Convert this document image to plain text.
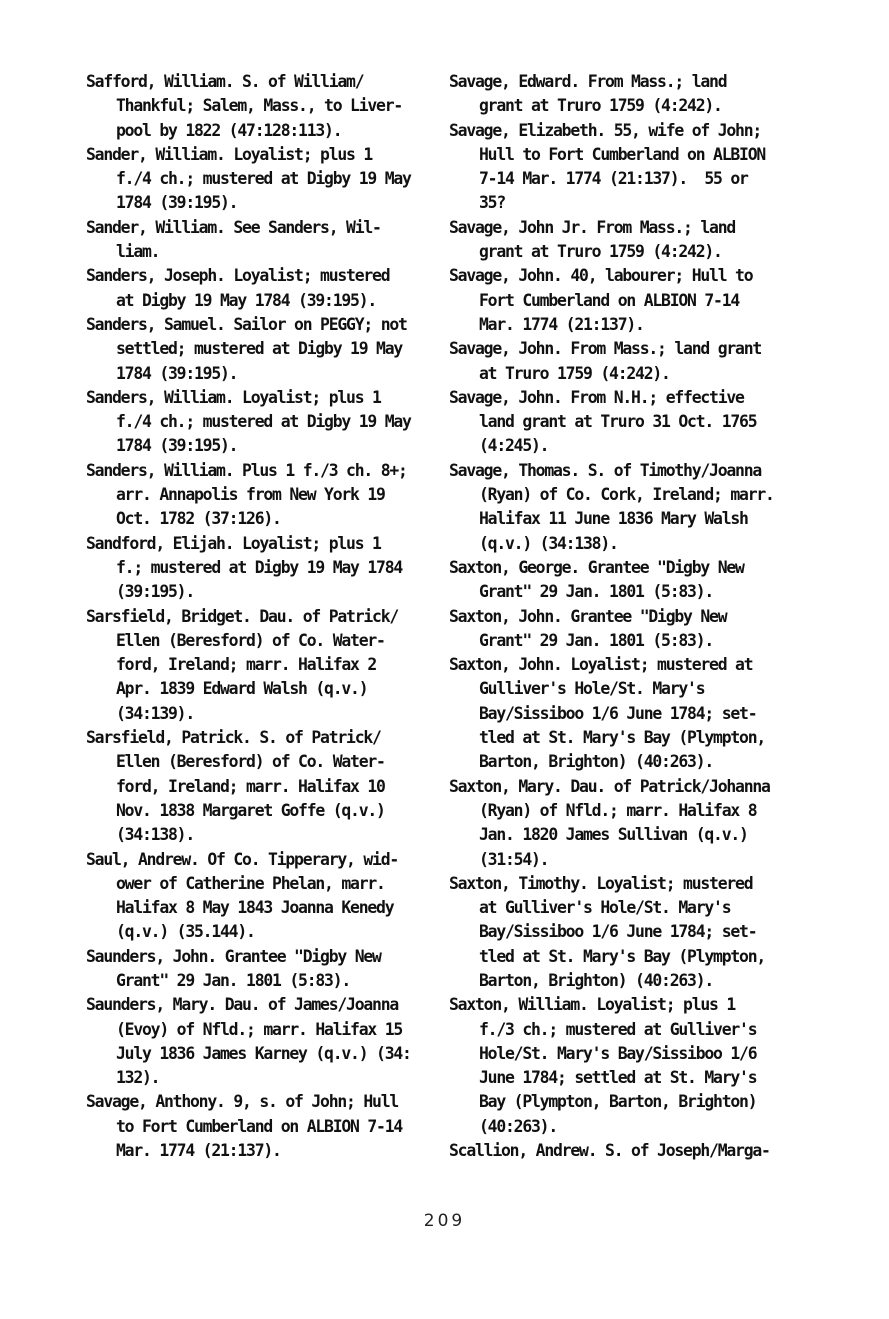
Safford, William. S. of William/
Thankful; Salem, Mass., to Liver-
pool by 1822 (47:128:113).

Sander, William. Loyalist; plus 1
f./4 ch.; mustered at Digby 19 May
1784 (39:195).

Sander, William. See Sanders, Wil-
liam.

Sanders, Joseph. Loyalist; mustered
at Digby 19 May 1784 (39:195).

Sanders, Samuel. Sailor on PEGGY; not
settled; mustered at Digby 19 May
1784 (39:195).

Sanders, William. Loyalist; plus 1
f./4 ch.; mustered at Digby 19 May
1784 (39:195).

Sanders, William. Plus 1 f./3 ch. 8+;
arr. Annapolis from New York 19
Oct. 1782 (37:126).

Sandford, Elijah. Loyalist; plus 1
f.; mustered at Digby 19 May 1784
(39:195).

Sarsfield, Bridget. Dau. of Patrick/
Ellen (Beresford) of Co. Water-
ford, Ireland; marr. Halifax 2
Apr. 1839 Edward Walsh (q.v.)
(34:139).

Sarsfield, Patrick. S. of Patrick/
Ellen (Beresford) of Co. Water-
ford, Ireland; marr. Halifax 10
Nov. 1838 Margaret Goffe (q.v.)
(34:138).

Saul, Andrew. Of Co. Tipperary, wid-
ower of Catherine Phelan, marr.
Halifax 8 May 1843 Joanna Kenedy
(q.v.) (35.144).

Saunders, John. Grantee "Digby New
Grant" 29 Jan. 1801 (5:83).

Saunders, Mary. Dau. of James/Joanna
(Evoy) of Nfld.; marr. Halifax 15
July 1836 James Karney (q.v.) (34:
132).

Savage, Anthony. 9, s. of John; Hull
to Fort Cumberland on ALBION 7-14
Mar. 1774 (21:137).

Savage, Edward. From Mass.; land
grant at Truro 1759 (4:242).

Savage, Elizabeth. 55, wife of John;
Hull to Fort Cumberland on ALBION
7-14 Mar. 1774 (21:137).  55 or
35?

Savage, John Jr. From Mass.; land
grant at Truro 1759 (4:242).

Savage, John. 40, labourer; Hull to
Fort Cumberland on ALBION 7-14
Mar. 1774 (21:137).

Savage, John. From Mass.; land grant
at Truro 1759 (4:242).

Savage, John. From N.H.; effective
land grant at Truro 31 Oct. 1765
(4:245).

Savage, Thomas. S. of Timothy/Joanna
(Ryan) of Co. Cork, Ireland; marr.
Halifax 11 June 1836 Mary Walsh
(q.v.) (34:138).

Saxton, George. Grantee "Digby New
Grant" 29 Jan. 1801 (5:83).

Saxton, John. Grantee "Digby New
Grant" 29 Jan. 1801 (5:83).

Saxton, John. Loyalist; mustered at
Gulliver's Hole/St. Mary's
Bay/Sissiboo 1/6 June 1784; set-
tled at St. Mary's Bay (Plympton,
Barton, Brighton) (40:263).

Saxton, Mary. Dau. of Patrick/Johanna
(Ryan) of Nfld.; marr. Halifax 8
Jan. 1820 James Sullivan (q.v.)
(31:54).

Saxton, Timothy. Loyalist; mustered
at Gulliver's Hole/St. Mary's
Bay/Sissiboo 1/6 June 1784; set-
tled at St. Mary's Bay (Plympton,
Barton, Brighton) (40:263).

Saxton, William. Loyalist; plus 1
f./3 ch.; mustered at Gulliver's
Hole/St. Mary's Bay/Sissiboo 1/6
June 1784; settled at St. Mary's
Bay (Plympton, Barton, Brighton)
(40:263).

Scallion, Andrew. S. of Joseph/Marga-

209
